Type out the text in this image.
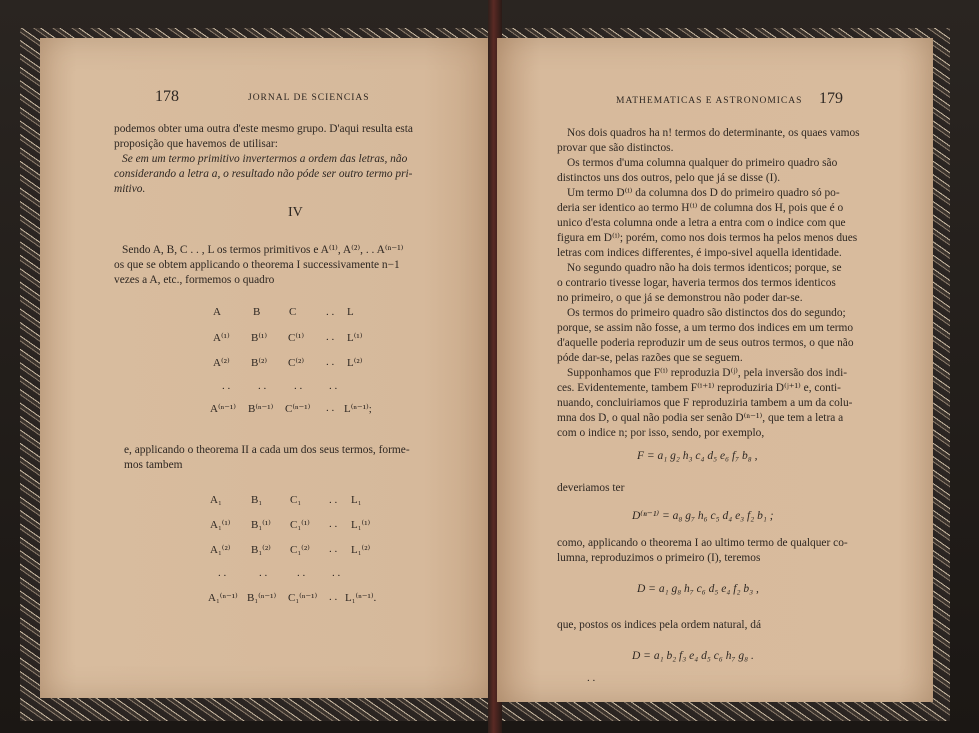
178	JORNAL DE SCIENCIAS
podemos obter uma outra d'este mesmo grupo. D'aqui resulta esta
proposição que havemos de utilisar:
Se em um termo primitivo invertermos a ordem das letras, não
considerando a letra a, o resultado não póde ser outro termo pri-
mitivo.
IV
Sendo A, B, C . . , L os termos primitivos e A⁽¹⁾, A⁽²⁾, . . A⁽ⁿ⁻¹⁾
os que se obtem applicando o theorema I successivamente n−1
vezes a A, etc., formemos o quadro
A	B	C	. . L
A⁽¹⁾ B⁽¹⁾ C⁽¹⁾ . . L⁽¹⁾
A⁽²⁾ B⁽²⁾ C⁽²⁾ . . L⁽²⁾
. .	. .	. . . .
A⁽ⁿ⁻¹⁾ B⁽ⁿ⁻¹⁾ C⁽ⁿ⁻¹⁾ . . L⁽ⁿ⁻¹⁾;
e, applicando o theorema II a cada um dos seus termos, forme-
mos tambem
A₁	B₁	C₁	. . L₁
A₁⁽¹⁾ B₁⁽¹⁾ C₁⁽¹⁾ . . L₁⁽¹⁾
A₁⁽²⁾ B₁⁽²⁾ C₁⁽²⁾ . . L₁⁽²⁾
. .	. .	. . . .
A₁⁽ⁿ⁻¹⁾ B₁⁽ⁿ⁻¹⁾ C₁⁽ⁿ⁻¹⁾ . . L₁⁽ⁿ⁻¹⁾.
MATHEMATICAS E ASTRONOMICAS 179
Nos dois quadros ha n! termos do determinante, os quaes vamos
provar que são distinctos.
Os termos d'uma columna qualquer do primeiro quadro são
distinctos uns dos outros, pelo que já se disse (I).
Um termo D⁽ⁱ⁾ da columna dos D do primeiro quadro só po-
deria ser identico ao termo H⁽ⁱ⁾ de columna dos H, pois que é o
unico d'esta columna onde a letra a entra com o indice com que
figura em D⁽ⁱ⁾; porém, como nos dois termos ha pelos menos dues
letras com indices differentes, é impo-sivel aquella identidade.
No segundo quadro não ha dois termos identicos; porque, se
o contrario tivesse logar, haveria termos dos termos identicos
no primeiro, o que já se demonstrou não poder dar-se.
Os termos do primeiro quadro são distinctos dos do segundo;
porque, se assim não fosse, a um termo dos indices em um termo
d'aquelle poderia reproduzir um de seus outros termos, o que não
póde dar-se, pelas razões que se seguem.
Supponhamos que F⁽ⁱ⁾ reproduzia D⁽ʲ⁾, pela inversão dos indi-
ces. Evidentemente, tambem F⁽ⁱ⁺¹⁾ reproduziria D⁽ʲ⁺¹⁾ e, conti-
nuando, concluiriamos que F reproduziria tambem a um da colu-
mna dos D, o qual não podia ser senão D⁽ⁿ⁻¹⁾, que tem a letra a
com o indice n; por isso, sendo, por exemplo,
F = a₁ g₂ h₃ c₄ d₅ e₆ f₇ b₈ ,
deveriamos ter
D⁽ⁿ⁻¹⁾ = a₈ g₇ h₆ c₅ d₄ e₃ f₂ b₁ ;
como, applicando o theorema I ao ultimo termo de qualquer co-
lumna, reproduzimos o primeiro (I), teremos
D = a₁ g₈ h₇ c₆ d₅ e₄ f₂ b₃ ,
que, postos os indices pela ordem natural, dá
D = a₁ b₂ f₃ e₄ d₅ c₆ h₇ g₈ .
. .
